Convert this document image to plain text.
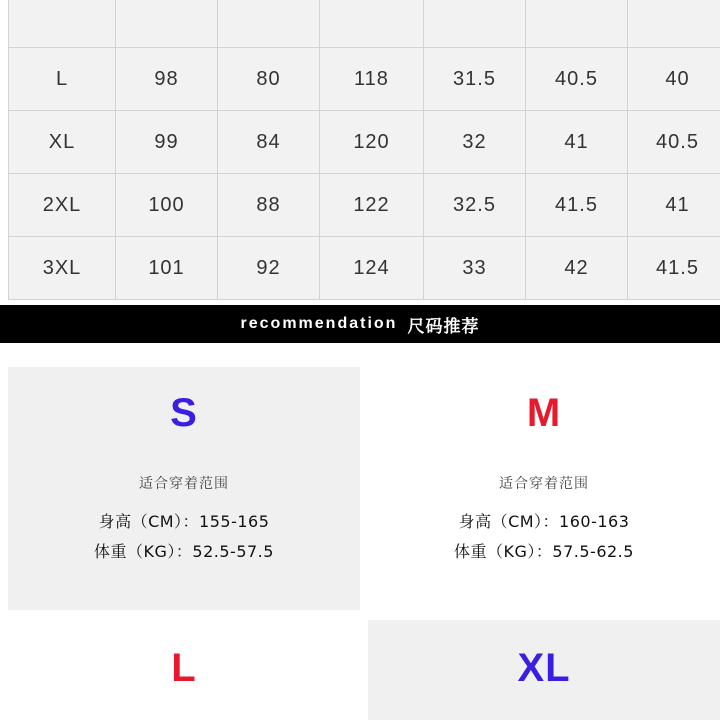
L	98	80	118	31.5	40.5	40
XL	99	84	120	32	41	40.5
2XL	100	88	122	32.5	41.5	41
3XL	101	92	124	33	42	41.5
recommendation 尺码推荐
S
适合穿着范围
身高（CM）：155-165
体重（KG）：52.5-57.5
M
适合穿着范围
身高（CM）：160-163
体重（KG）：57.5-62.5
L	XL
